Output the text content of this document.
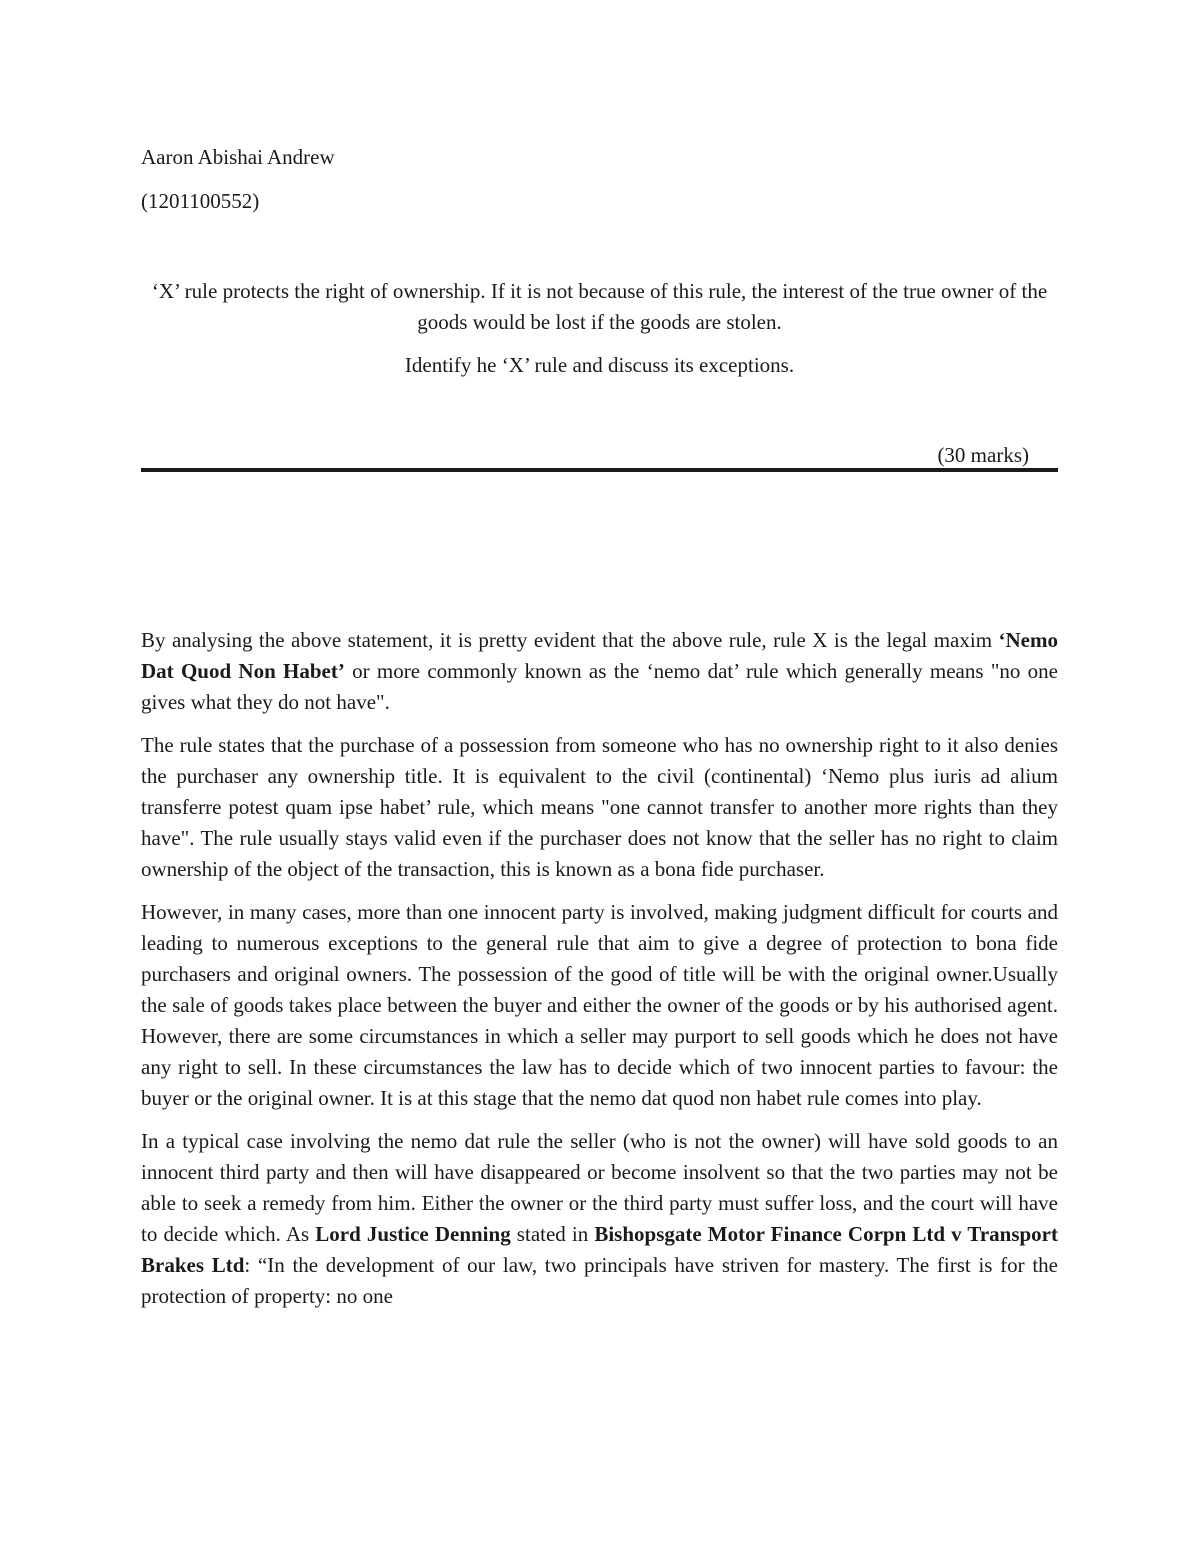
Aaron Abishai Andrew
(1201100552)

‘X’ rule protects the right of ownership. If it is not because of this rule, the interest of the true owner of the goods would be lost if the goods are stolen.

Identify he ‘X’ rule and discuss its exceptions.

(30 marks)

By analysing the above statement, it is pretty evident that the above rule, rule X is the legal maxim ‘Nemo Dat Quod Non Habet’ or more commonly known as the ‘nemo dat’ rule which generally means "no one gives what they do not have".

The rule states that the purchase of a possession from someone who has no ownership right to it also denies the purchaser any ownership title. It is equivalent to the civil (continental) ‘Nemo plus iuris ad alium transferre potest quam ipse habet’ rule, which means "one cannot transfer to another more rights than they have". The rule usually stays valid even if the purchaser does not know that the seller has no right to claim ownership of the object of the transaction, this is known as a bona fide purchaser.

However, in many cases, more than one innocent party is involved, making judgment difficult for courts and leading to numerous exceptions to the general rule that aim to give a degree of protection to bona fide purchasers and original owners. The possession of the good of title will be with the original owner.Usually the sale of goods takes place between the buyer and either the owner of the goods or by his authorised agent. However, there are some circumstances in which a seller may purport to sell goods which he does not have any right to sell. In these circumstances the law has to decide which of two innocent parties to favour: the buyer or the original owner. It is at this stage that the nemo dat quod non habet rule comes into play.

In a typical case involving the nemo dat rule the seller (who is not the owner) will have sold goods to an innocent third party and then will have disappeared or become insolvent so that the two parties may not be able to seek a remedy from him. Either the owner or the third party must suffer loss, and the court will have to decide which. As Lord Justice Denning stated in Bishopsgate Motor Finance Corpn Ltd v Transport Brakes Ltd: “In the development of our law, two principals have striven for mastery. The first is for the protection of property: no one
